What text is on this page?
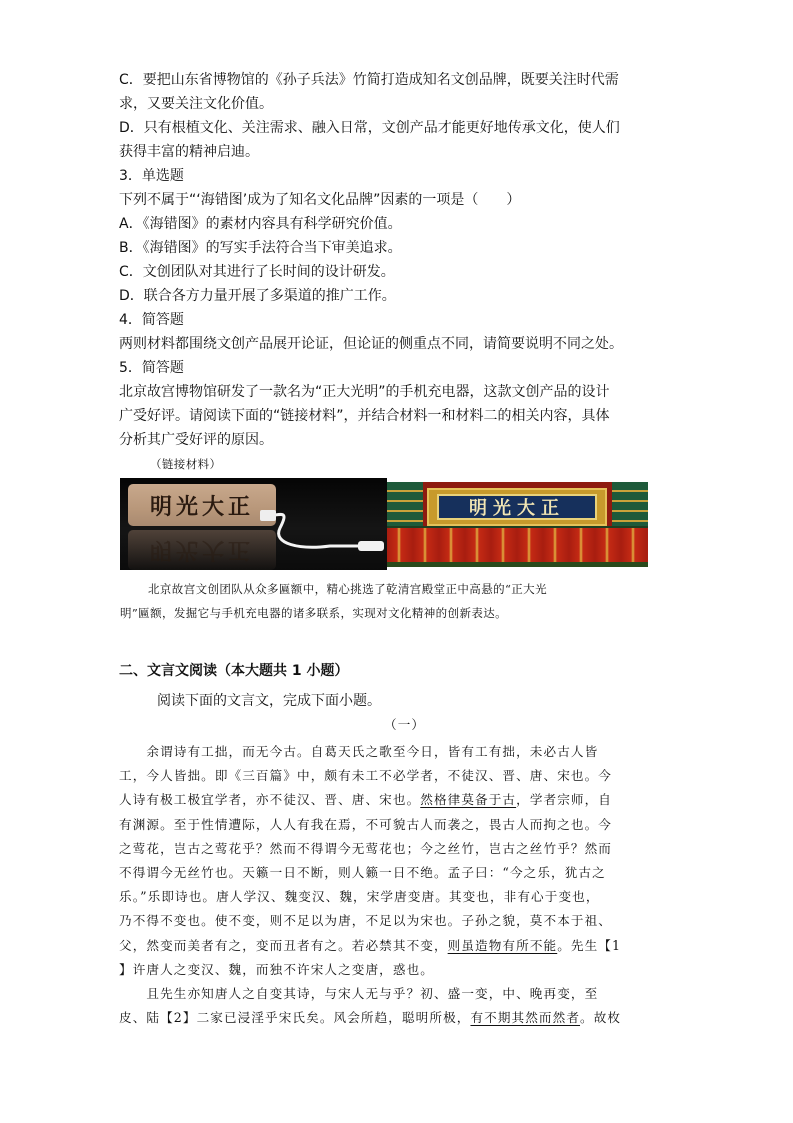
C．要把山东省博物馆的《孙子兵法》竹简打造成知名文创品牌，既要关注时代需
求，又要关注文化价值。
D．只有根植文化、关注需求、融入日常，文创产品才能更好地传承文化，使人们
获得丰富的精神启迪。
3．单选题
下列不属于“‘海错图’成为了知名文化品牌”因素的一项是（　　）
A．《海错图》的素材内容具有科学研究价值。
B．《海错图》的写实手法符合当下审美追求。
C．文创团队对其进行了长时间的设计研发。
D．联合各方力量开展了多渠道的推广工作。
4．简答题
两则材料都围绕文创产品展开论证，但论证的侧重点不同，请简要说明不同之处。
5．简答题
北京故宫博物馆研发了一款名为“正大光明”的手机充电器，这款文创产品的设计
广受好评。请阅读下面的“链接材料”，并结合材料一和材料二的相关内容，具体
分析其广受好评的原因。
（链接材料）
明光大正
明光大正
明光大正
北京故宫文创团队从众多匾额中，精心挑选了乾清宫殿堂正中高悬的“正大光
明”匾额，发掘它与手机充电器的诸多联系，实现对文化精神的创新表达。
二、文言文阅读（本大题共 1 小题）
阅读下面的文言文，完成下面小题。
（一）
　　余谓诗有工拙，而无今古。自葛天氏之歌至今日，皆有工有拙，未必古人皆
工，今人皆拙。即《三百篇》中，颇有未工不必学者，不徒汉、晋、唐、宋也。今
人诗有极工极宜学者，亦不徒汉、晋、唐、宋也。然格律莫备于古，学者宗师，自
有渊源。至于性情遭际，人人有我在焉，不可貌古人而袭之，畏古人而拘之也。今
之莺花，岂古之莺花乎？然而不得谓今无莺花也；今之丝竹，岂古之丝竹乎？然而
不得谓今无丝竹也。天籁一日不断，则人籁一日不绝。孟子曰：“今之乐，犹古之
乐。”乐即诗也。唐人学汉、魏变汉、魏，宋学唐变唐。其变也，非有心于变也，
乃不得不变也。使不变，则不足以为唐，不足以为宋也。子孙之貌，莫不本于祖、
父，然变而美者有之，变而丑者有之。若必禁其不变，则虽造物有所不能。先生【1
】许唐人之变汉、魏，而独不许宋人之变唐，惑也。
　　且先生亦知唐人之自变其诗，与宋人无与乎？初、盛一变，中、晚再变，至
皮、陆【2】二家已浸淫乎宋氏矣。风会所趋，聪明所极，有不期其然而然者。故枚
